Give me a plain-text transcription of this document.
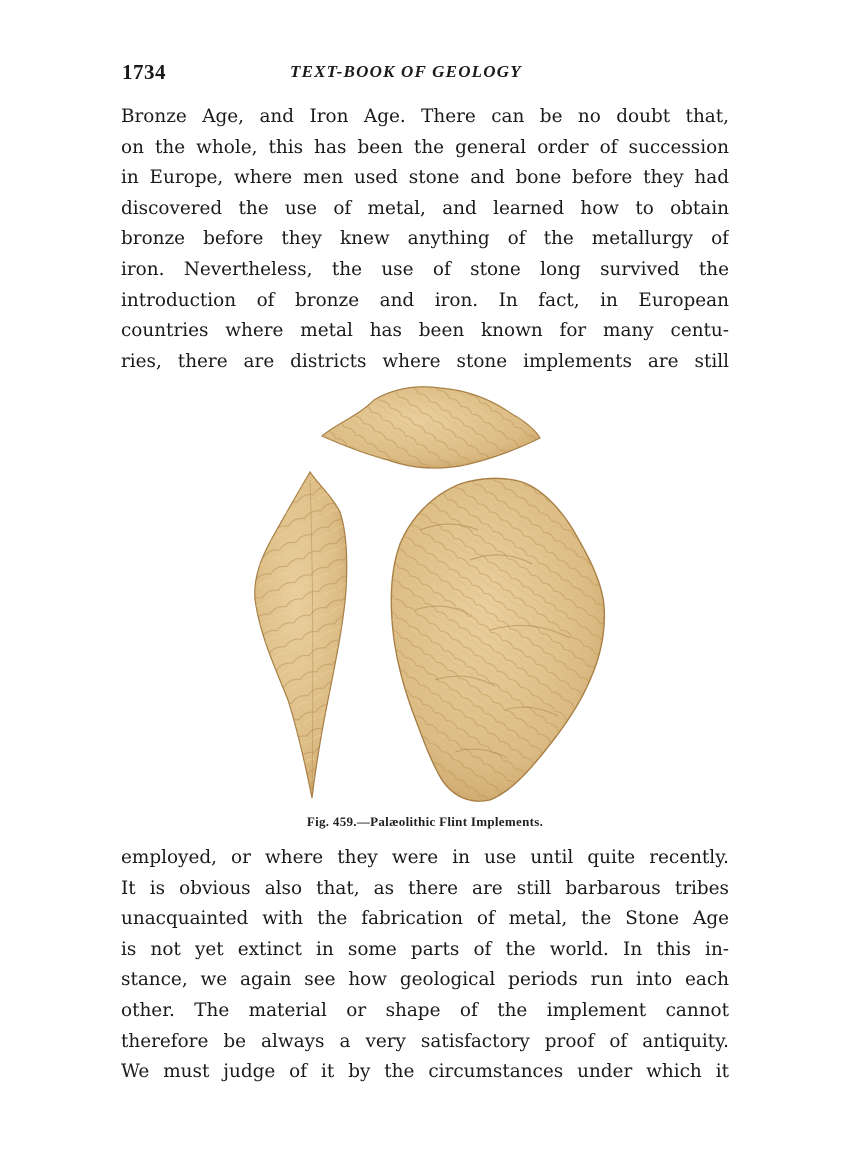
1734	TEXT-BOOK OF GEOLOGY
Bronze Age, and Iron Age. There can be no doubt that,
on the whole, this has been the general order of succession
in Europe, where men used stone and bone before they had
discovered the use of metal, and learned how to obtain
bronze before they knew anything of the metallurgy of
iron. Nevertheless, the use of stone long survived the
introduction of bronze and iron. In fact, in European
countries where metal has been known for many centu-
ries, there are districts where stone implements are still
Fig. 459.—Palæolithic Flint Implements.
employed, or where they were in use until quite recently.
It is obvious also that, as there are still barbarous tribes
unacquainted with the fabrication of metal, the Stone Age
is not yet extinct in some parts of the world. In this in-
stance, we again see how geological periods run into each
other. The material or shape of the implement cannot
therefore be always a very satisfactory proof of antiquity.
We must judge of it by the circumstances under which it
